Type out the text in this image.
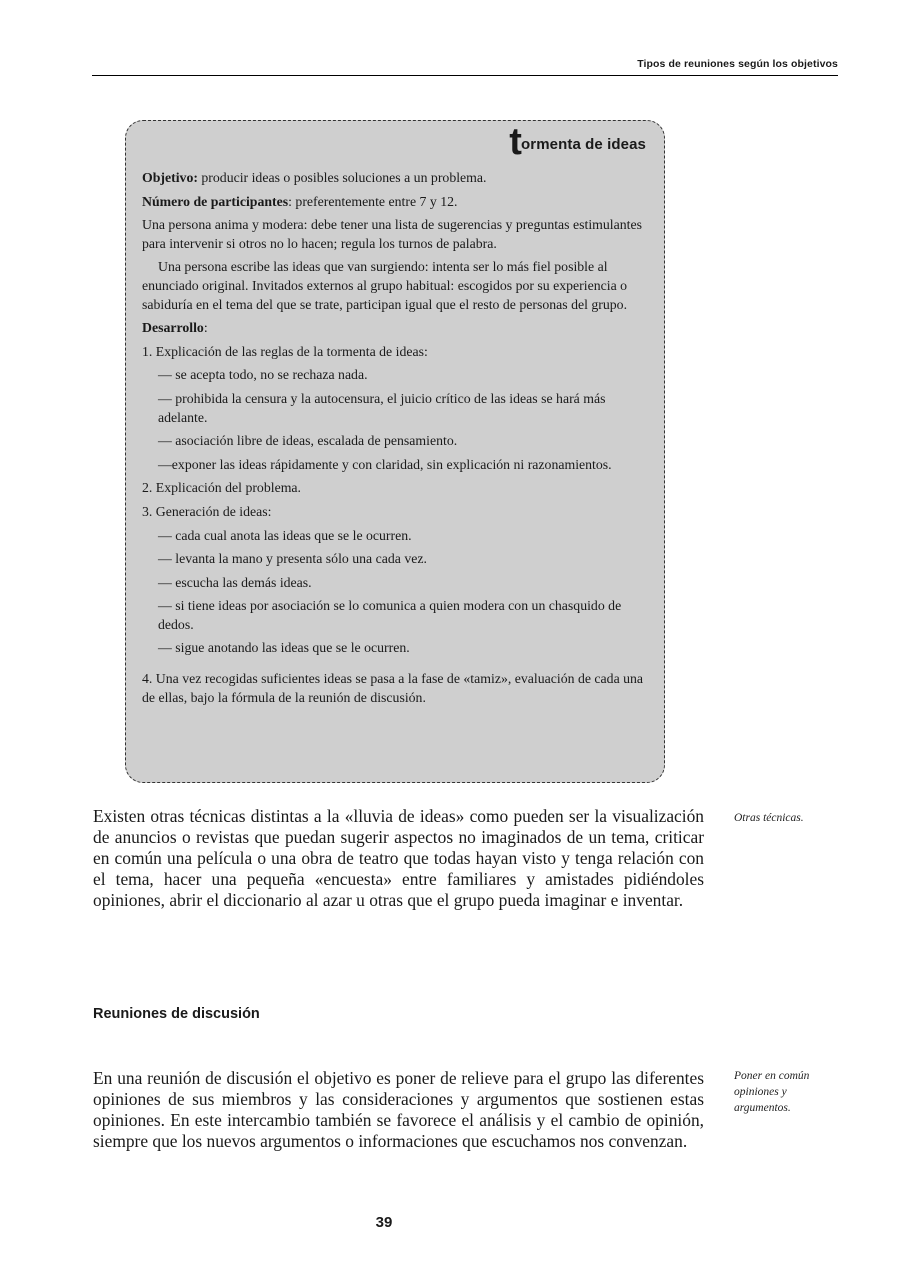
Tipos de reuniones según los objetivos
tormenta de ideas

Objetivo: producir ideas o posibles soluciones a un problema.

Número de participantes: preferentemente entre 7 y 12.

Una persona anima y modera: debe tener una lista de sugerencias y preguntas estimulantes para intervenir si otros no lo hacen; regula los turnos de palabra.

Una persona escribe las ideas que van surgiendo: intenta ser lo más fiel posible al enunciado original. Invitados externos al grupo habitual: escogidos por su experiencia o sabiduría en el tema del que se trate, participan igual que el resto de personas del grupo.

Desarrollo:

1. Explicación de las reglas de la tormenta de ideas:

— se acepta todo, no se rechaza nada.

— prohibida la censura y la autocensura, el juicio crítico de las ideas se hará más adelante.

— asociación libre de ideas, escalada de pensamiento.

—exponer las ideas rápidamente y con claridad, sin explicación ni razonamientos.

2. Explicación del problema.

3. Generación de ideas:

— cada cual anota las ideas que se le ocurren.

— levanta la mano y presenta sólo una cada vez.

— escucha las demás ideas.

— si tiene ideas por asociación se lo comunica a quien modera con un chasquido de dedos.

— sigue anotando las ideas que se le ocurren.

4. Una vez recogidas suficientes ideas se pasa a la fase de «tamiz», evaluación de cada una de ellas, bajo la fórmula de la reunión de discusión.

Existen otras técnicas distintas a la «lluvia de ideas» como pueden ser la visualización de anuncios o revistas que puedan sugerir aspectos no imaginados de un tema, criticar en común una película o una obra de teatro que todas hayan visto y tenga relación con el tema, hacer una pequeña «encuesta» entre familiares y amistades pidiéndoles opiniones, abrir el diccionario al azar u otras que el grupo pueda imaginar e inventar.
Otras técnicas.
Reuniones de discusión
En una reunión de discusión el objetivo es poner de relieve para el grupo las diferentes opiniones de sus miembros y las consideraciones y argumentos que sostienen estas opiniones. En este intercambio también se favorece el análisis y el cambio de opinión, siempre que los nuevos argumentos o informaciones que escuchamos nos convenzan.
Poner en común opiniones y argumentos.
39
